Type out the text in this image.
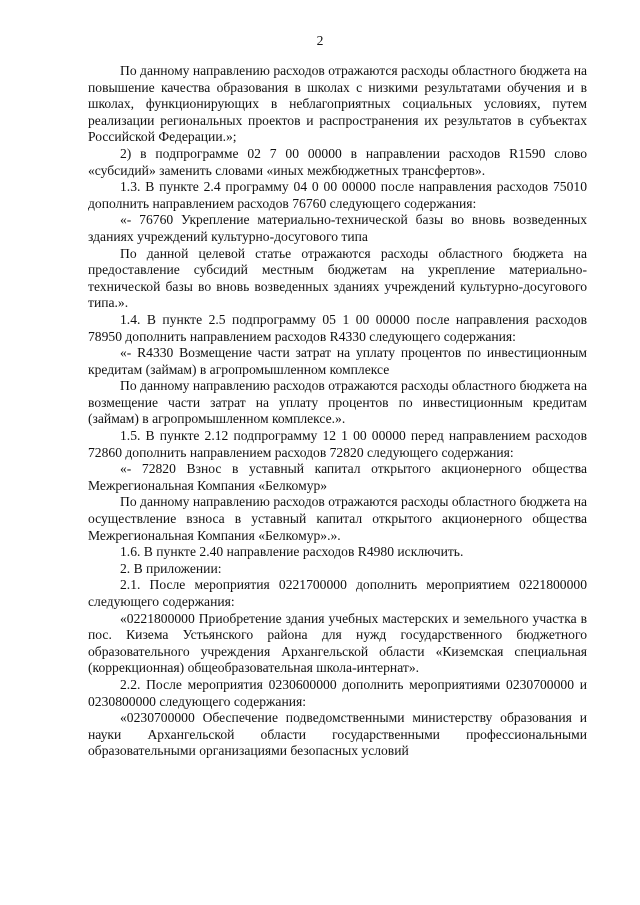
2

По данному направлению расходов отражаются расходы областного бюджета на повышение качества образования в школах с низкими результатами обучения и в школах, функционирующих в неблагоприятных социальных условиях, путем реализации региональных проектов и распространения их результатов в субъектах Российской Федерации.»;

2) в подпрограмме 02 7 00 00000 в направлении расходов R1590 слово «субсидий» заменить словами «иных межбюджетных трансфертов».

1.3. В пункте 2.4 программу 04 0 00 00000 после направления расходов 75010 дополнить направлением расходов 76760 следующего содержания:

«- 76760 Укрепление материально-технической базы во вновь возведенных зданиях учреждений культурно-досугового типа

По данной целевой статье отражаются расходы областного бюджета на предоставление субсидий местным бюджетам на укрепление материально-технической базы во вновь возведенных зданиях учреждений культурно-досугового типа.».

1.4. В пункте 2.5 подпрограмму 05 1 00 00000 после направления расходов 78950 дополнить направлением расходов R4330 следующего содержания:

«- R4330 Возмещение части затрат на уплату процентов по инвестиционным кредитам (займам) в агропромышленном комплексе

По данному направлению расходов отражаются расходы областного бюджета на возмещение части затрат на уплату процентов по инвестиционным кредитам (займам) в агропромышленном комплексе.».

1.5. В пункте 2.12 подпрограмму 12 1 00 00000 перед направлением расходов 72860 дополнить направлением расходов 72820 следующего содержания:

«- 72820 Взнос в уставный капитал открытого акционерного общества Межрегиональная Компания «Белкомур»

По данному направлению расходов отражаются расходы областного бюджета на осуществление взноса в уставный капитал открытого акционерного общества Межрегиональная Компания «Белкомур».».

1.6. В пункте 2.40 направление расходов R4980 исключить.

2. В приложении:

2.1. После мероприятия 0221700000 дополнить мероприятием 0221800000 следующего содержания:

«0221800000 Приобретение здания учебных мастерских и земельного участка в пос. Кизема Устьянского района для нужд государственного бюджетного образовательного учреждения Архангельской области «Киземская специальная (коррекционная) общеобразовательная школа-интернат».

2.2. После мероприятия 0230600000 дополнить мероприятиями 0230700000 и 0230800000 следующего содержания:

«0230700000 Обеспечение подведомственными министерству образования и науки Архангельской области государственными профессиональными образовательными организациями безопасных условий
